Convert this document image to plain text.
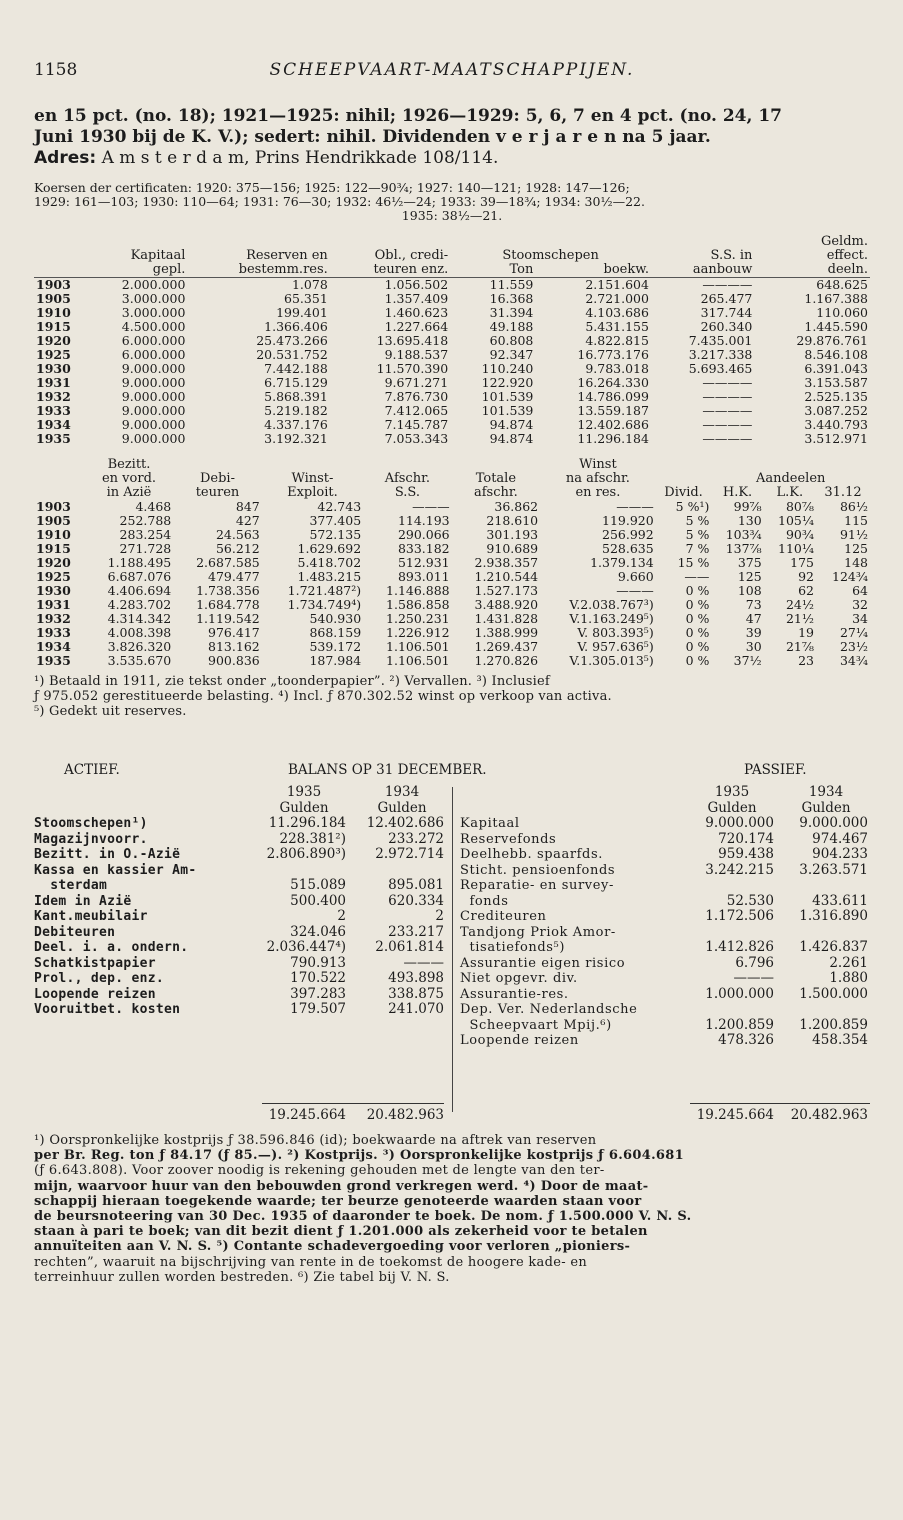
1158	SCHEEPVAART-MAATSCHAPPIJEN.
en 15 pct. (no. 18); 1921—1925: nihil; 1926—1929: 5, 6, 7 en 4 pct. (no. 24, 17
Juni 1930 bij de K. V.); sedert: nihil. Dividenden v e r j a r e n na 5 jaar.
Adres: A m s t e r d a m, Prins Hendrikkade 108/114.
Koersen der certificaten: 1920: 375—156; 1925: 122—90¾; 1927: 140—121; 1928: 147—126;
1929: 161—103; 1930: 110—64; 1931: 76—30; 1932: 46½—24; 1933: 39—18¾; 1934: 30½—22.
1935: 38½—21.
							Geldm.
	Kapitaal	Reserven en	Obl., credi-	Stoomschepen		S.S. in	effect.
	gepl.	bestemm.res.	teuren enz.	Ton	boekw.	aanbouw	deeln.
1903	2.000.000	1.078	1.056.502	11.559	2.151.604	————	648.625
1905	3.000.000	65.351	1.357.409	16.368	2.721.000	265.477	1.167.388
1910	3.000.000	199.401	1.460.623	31.394	4.103.686	317.744	110.060
1915	4.500.000	1.366.406	1.227.664	49.188	5.431.155	260.340	1.445.590
1920	6.000.000	25.473.266	13.695.418	60.808	4.822.815	7.435.001	29.876.761
1925	6.000.000	20.531.752	9.188.537	92.347	16.773.176	3.217.338	8.546.108
1930	9.000.000	7.442.188	11.570.390	110.240	9.783.018	5.693.465	6.391.043
1931	9.000.000	6.715.129	9.671.271	122.920	16.264.330	————	3.153.587
1932	9.000.000	5.868.391	7.876.730	101.539	14.786.099	————	2.525.135
1933	9.000.000	5.219.182	7.412.065	101.539	13.559.187	————	3.087.252
1934	9.000.000	4.337.176	7.145.787	94.874	12.402.686	————	3.440.793
1935	9.000.000	3.192.321	7.053.343	94.874	11.296.184	————	3.512.971
	Bezitt.					Winst				
	en vord.	Debi-	Winst-	Afschr.	Totale	na afschr.		Aandeelen		
	in Azië	teuren	Exploit.	S.S.	afschr.	en res.	Divid.	H.K.	L.K.	31.12
1903	4.468	847	42.743	———	36.862	———	5 %¹)	99⅞	80⅞	86½
1905	252.788	427	377.405	114.193	218.610	119.920	5 %	130	105¼	115
1910	283.254	24.563	572.135	290.066	301.193	256.992	5 %	103¾	90¾	91½
1915	271.728	56.212	1.629.692	833.182	910.689	528.635	7 %	137⅞	110¼	125
1920	1.188.495	2.687.585	5.418.702	512.931	2.938.357	1.379.134	15 %	375	175	148
1925	6.687.076	479.477	1.483.215	893.011	1.210.544	9.660	——	125	92	124¾
1930	4.406.694	1.738.356	1.721.487²)	1.146.888	1.527.173	———	0 %	108	62	64
1931	4.283.702	1.684.778	1.734.749⁴)	1.586.858	3.488.920	V.2.038.767³)	0 %	73	24½	32
1932	4.314.342	1.119.542	540.930	1.250.231	1.431.828	V.1.163.249⁵)	0 %	47	21½	34
1933	4.008.398	976.417	868.159	1.226.912	1.388.999	V. 803.393⁵)	0 %	39	19	27¼
1934	3.826.320	813.162	539.172	1.106.501	1.269.437	V. 957.636⁵)	0 %	30	21⅞	23½
1935	3.535.670	900.836	187.984	1.106.501	1.270.826	V.1.305.013⁵)	0 %	37½	23	34¾
¹) Betaald in 1911, zie tekst onder „toonderpapier”. ²) Vervallen. ³) Inclusief
ƒ 975.052 gerestitueerde belasting. ⁴) Incl. ƒ 870.302.52 winst op verkoop van activa.
⁵) Gedekt uit reserves.
ACTIEF.	BALANS OP 31 DECEMBER.	PASSIEF.
1935	1934
Gulden	Gulden
Stoomschepen¹)	11.296.184	12.402.686
Magazijnvoorr.	228.381²)	233.272
Bezitt. in O.-Azië	2.806.890³)	2.972.714
Kassa en kassier Am-
sterdam	515.089	895.081
Idem in Azië	500.400	620.334
Kant.meubilair	2	2
Debiteuren	324.046	233.217
Deel. i. a. ondern.	2.036.447⁴)	2.061.814
Schatkistpapier	790.913	———
Prol., dep. enz.	170.522	493.898
Loopende reizen	397.283	338.875
Vooruitbet. kosten	179.507	241.070
1935	1934
Gulden	Gulden
Kapitaal	9.000.000	9.000.000
Reservefonds	720.174	974.467
Deelhebb. spaarfds.	959.438	904.233
Sticht. pensioenfonds	3.242.215	3.263.571
Reparatie- en survey-
fonds	52.530	433.611
Crediteuren	1.172.506	1.316.890
Tandjong Priok Amor-
tisatiefonds⁵)	1.412.826	1.426.837
Assurantie eigen risico	6.796	2.261
Niet opgevr. div.	———	1.880
Assurantie-res.	1.000.000	1.500.000
Dep. Ver. Nederlandsche
Scheepvaart Mpij.⁶)	1.200.859	1.200.859
Loopende reizen	478.326	458.354
19.245.664	20.482.963	19.245.664	20.482.963
¹) Oorspronkelijke kostprijs ƒ 38.596.846 (id); boekwaarde na aftrek van reserven
per Br. Reg. ton ƒ 84.17 (ƒ 85.—). ²) Kostprijs. ³) Oorspronkelijke kostprijs ƒ 6.604.681
(ƒ 6.643.808). Voor zoover noodig is rekening gehouden met de lengte van den ter-
mijn, waarvoor huur van den bebouwden grond verkregen werd. ⁴) Door de maat-
schappij hieraan toegekende waarde; ter beurze genoteerde waarden staan voor
de beursnoteering van 30 Dec. 1935 of daaronder te boek. De nom. ƒ 1.500.000 V. N. S.
staan à pari te boek; van dit bezit dient ƒ 1.201.000 als zekerheid voor te betalen
annuïteiten aan V. N. S. ⁵) Contante schadevergoeding voor verloren „pioniers-
rechten”, waaruit na bijschrijving van rente in de toekomst de hoogere kade- en
terreinhuur zullen worden bestreden. ⁶) Zie tabel bij V. N. S.
